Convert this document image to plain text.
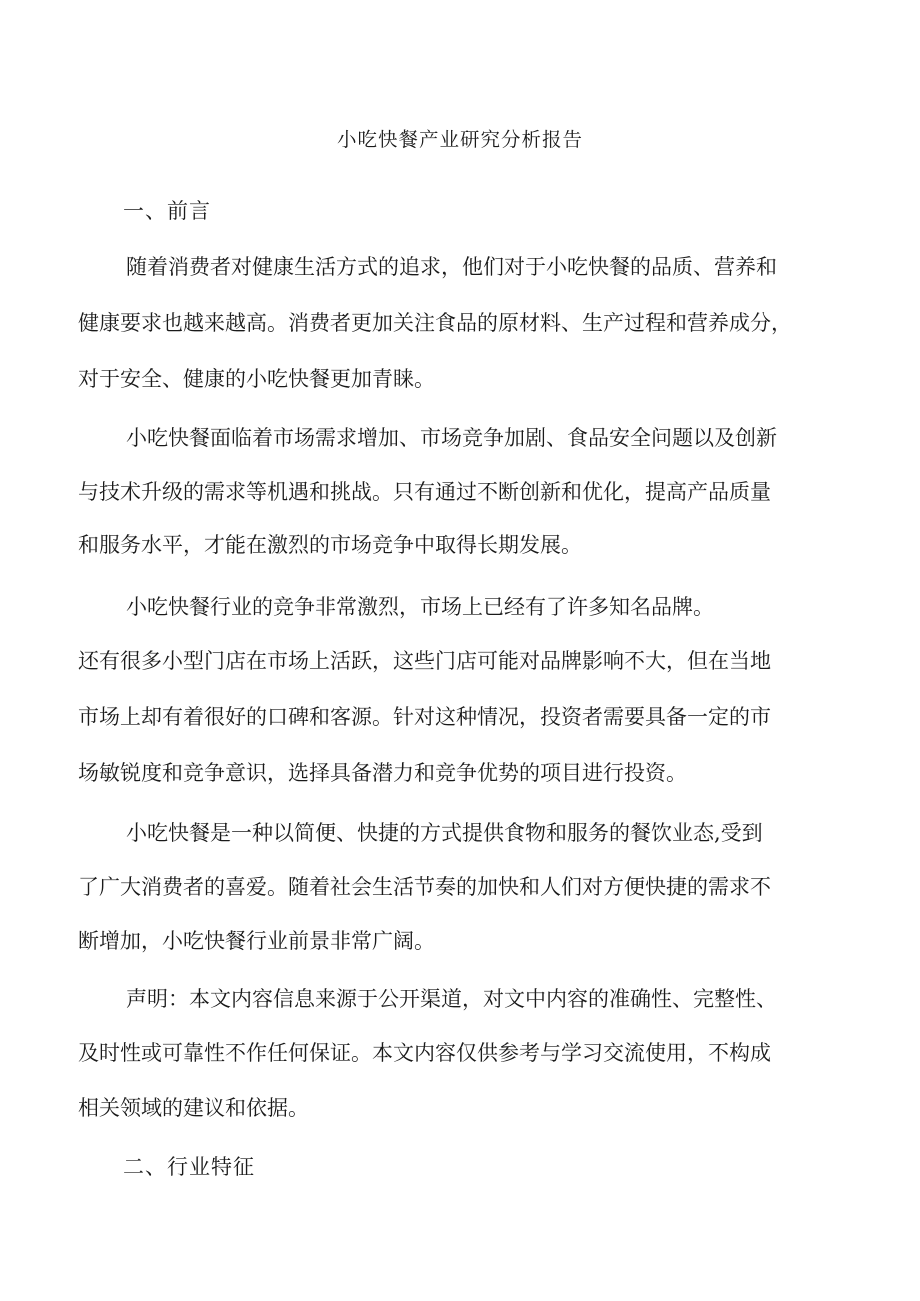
小吃快餐产业研究分析报告
一、前言
随着消费者对健康生活方式的追求，他们对于小吃快餐的品质、营养和
健康要求也越来越高。消费者更加关注食品的原材料、生产过程和营养成分，
对于安全、健康的小吃快餐更加青睐。
小吃快餐面临着市场需求增加、市场竞争加剧、食品安全问题以及创新
与技术升级的需求等机遇和挑战。只有通过不断创新和优化，提高产品质量
和服务水平，才能在激烈的市场竞争中取得长期发展。
小吃快餐行业的竞争非常激烈，市场上已经有了许多知名品牌。
还有很多小型门店在市场上活跃，这些门店可能对品牌影响不大，但在当地
市场上却有着很好的口碑和客源。针对这种情况，投资者需要具备一定的市
场敏锐度和竞争意识，选择具备潜力和竞争优势的项目进行投资。
小吃快餐是一种以简便、快捷的方式提供食物和服务的餐饮业态,受到
了广大消费者的喜爱。随着社会生活节奏的加快和人们对方便快捷的需求不
断增加，小吃快餐行业前景非常广阔。
声明：本文内容信息来源于公开渠道，对文中内容的准确性、完整性、
及时性或可靠性不作任何保证。本文内容仅供参考与学习交流使用，不构成
相关领域的建议和依据。
二、行业特征
